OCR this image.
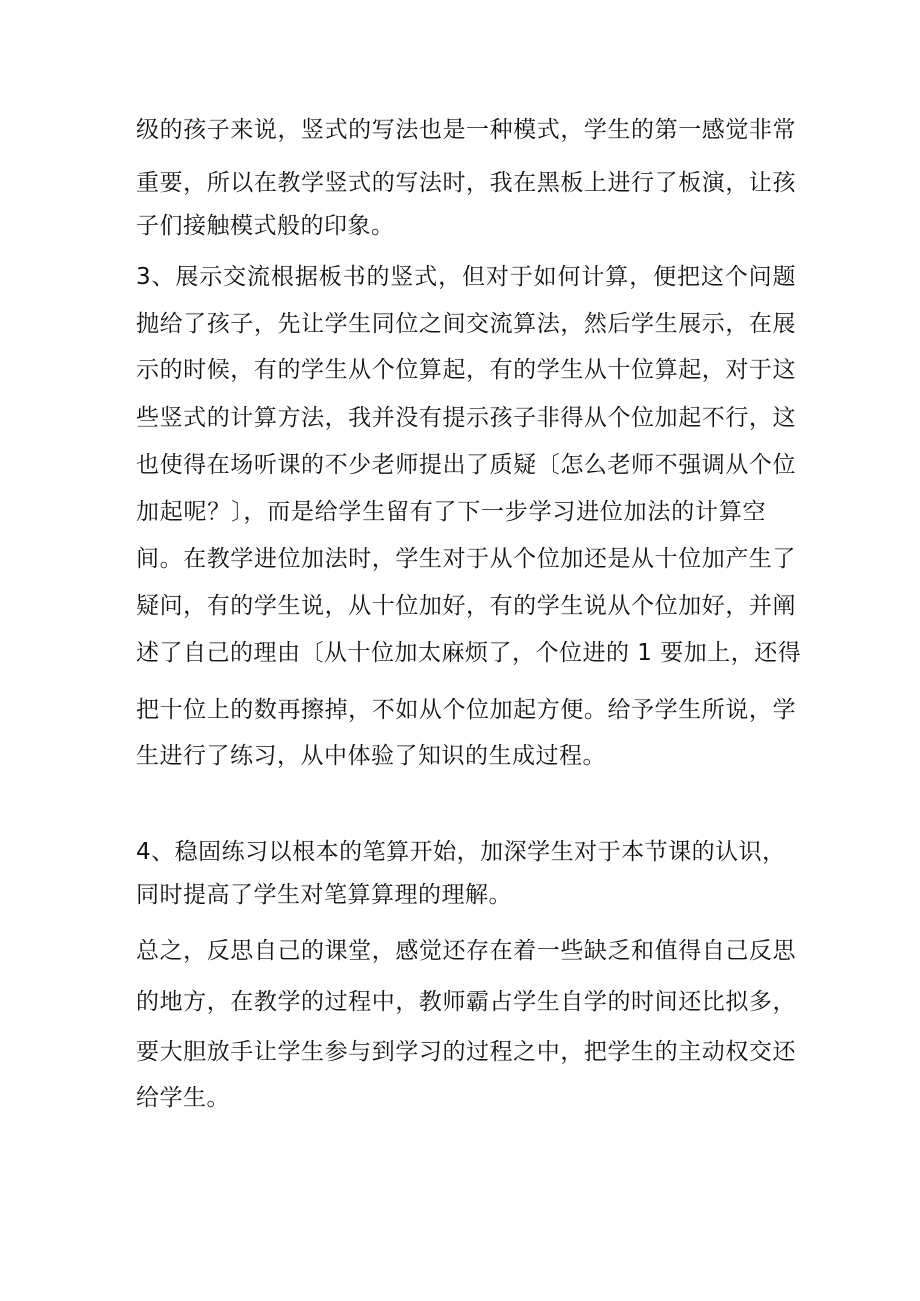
级的孩子来说，竖式的写法也是一种模式，学生的第一感觉非常
重要，所以在教学竖式的写法时，我在黑板上进行了板演，让孩
子们接触模式般的印象。
3、展示交流根据板书的竖式，但对于如何计算，便把这个问题
抛给了孩子，先让学生同位之间交流算法，然后学生展示，在展
示的时候，有的学生从个位算起，有的学生从十位算起，对于这
些竖式的计算方法，我并没有提示孩子非得从个位加起不行，这
也使得在场听课的不少老师提出了质疑〔怎么老师不强调从个位
加起呢？〕，而是给学生留有了下一步学习进位加法的计算空
间。在教学进位加法时，学生对于从个位加还是从十位加产生了
疑问，有的学生说，从十位加好，有的学生说从个位加好，并阐
述了自己的理由〔从十位加太麻烦了，个位进的 1 要加上，还得
把十位上的数再擦掉，不如从个位加起方便。给予学生所说，学
生进行了练习，从中体验了知识的生成过程。
4、稳固练习以根本的笔算开始，加深学生对于本节课的认识，
同时提高了学生对笔算算理的理解。
总之，反思自己的课堂，感觉还存在着一些缺乏和值得自己反思
的地方，在教学的过程中，教师霸占学生自学的时间还比拟多，
要大胆放手让学生参与到学习的过程之中，把学生的主动权交还
给学生。
